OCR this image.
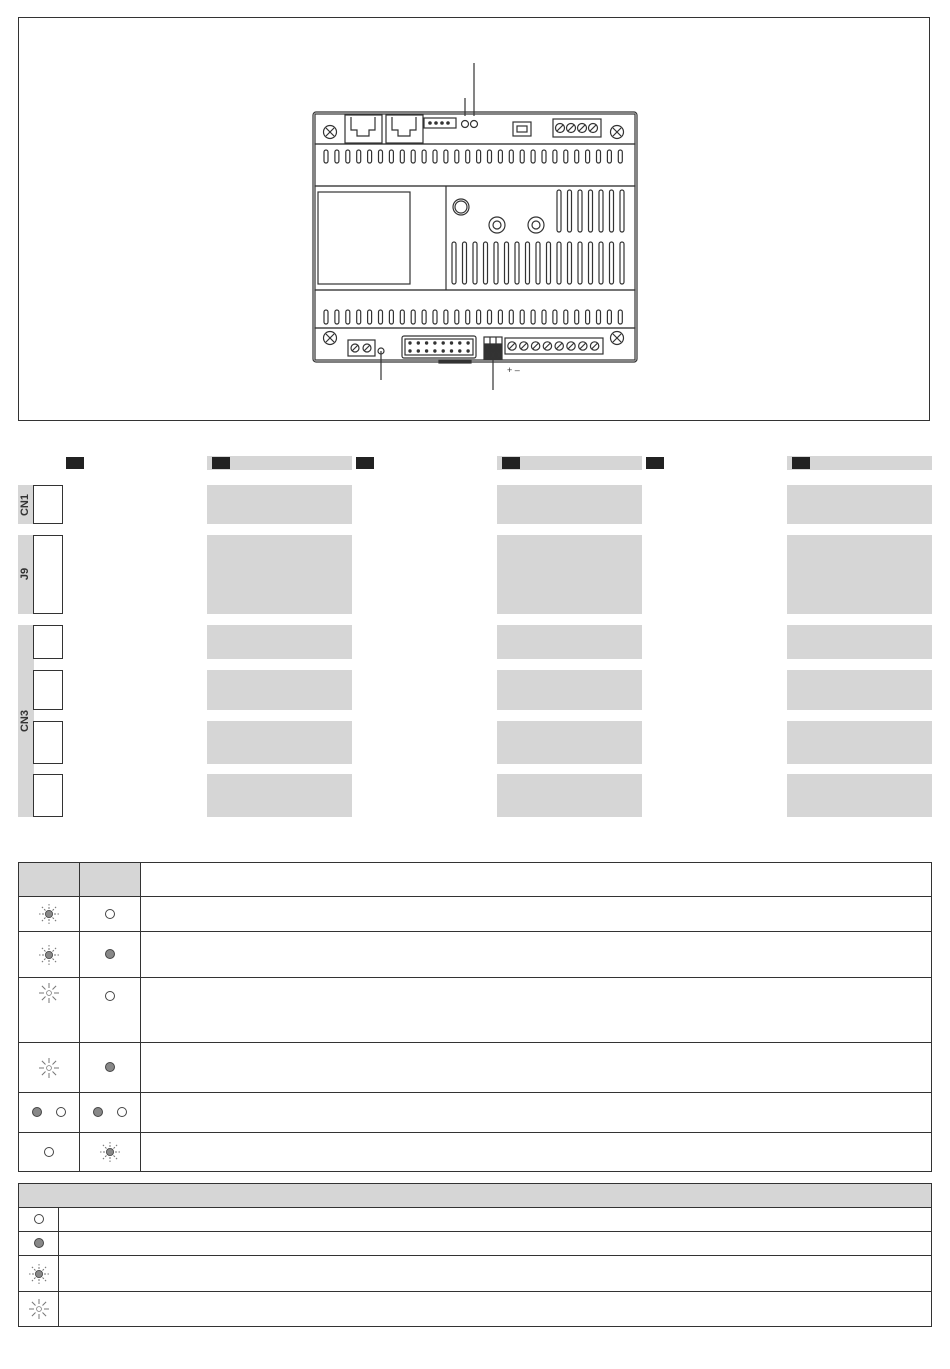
+ –
CN1
J9
CN3
